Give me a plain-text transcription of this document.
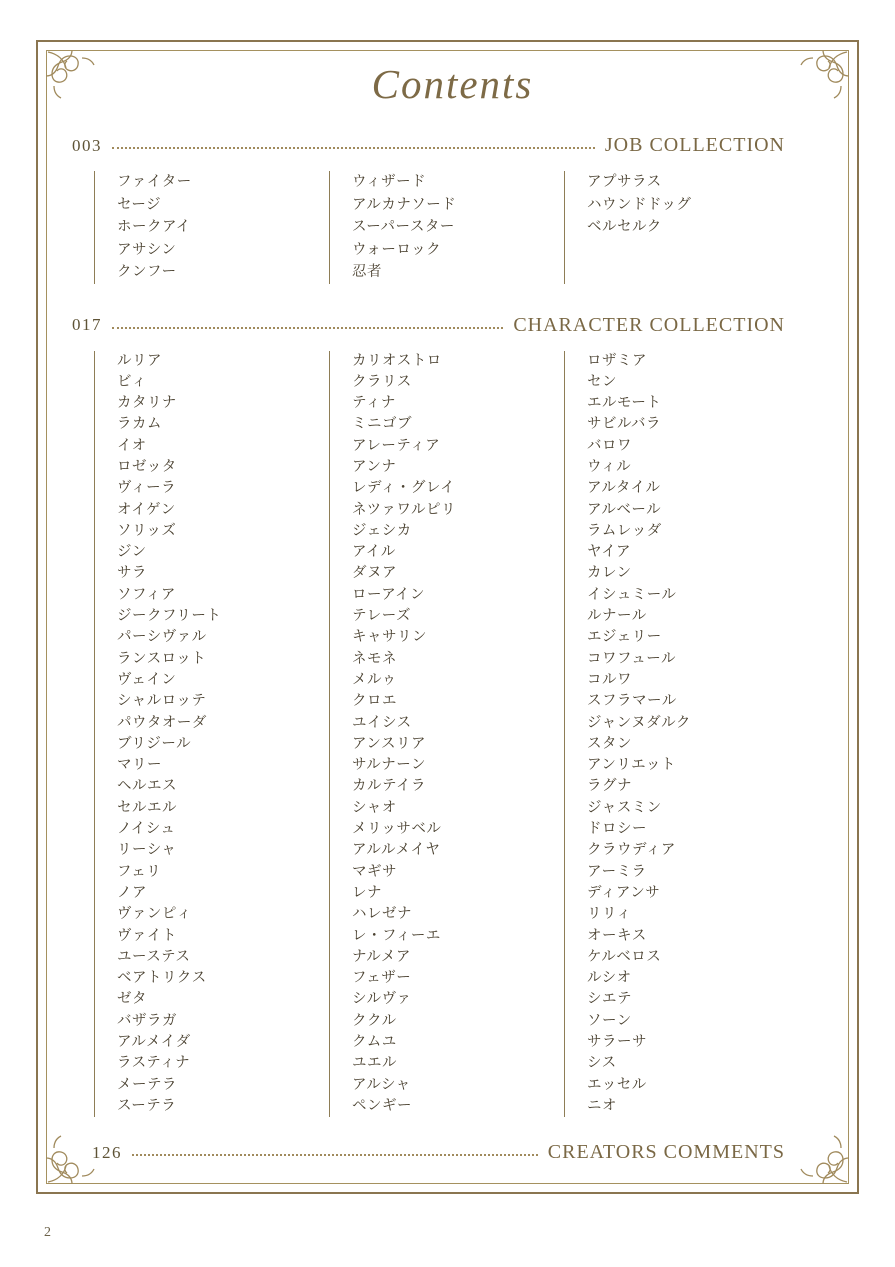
Contents
003	JOB COLLECTION
ファイター
セージ
ホークアイ
アサシン
クンフー
ウィザード
アルカナソード
スーパースター
ウォーロック
忍者
アプサラス
ハウンドドッグ
ベルセルク

017	CHARACTER COLLECTION
ルリア
ビィ
カタリナ
ラカム
イオ
ロゼッタ
ヴィーラ
オイゲン
ソリッズ
ジン
サラ
ソフィア
ジークフリート
パーシヴァル
ランスロット
ヴェイン
シャルロッテ
パウタオーダ
ブリジール
マリー
ヘルエス
セルエル
ノイシュ
リーシャ
フェリ
ノア
ヴァンピィ
ヴァイト
ユーステス
ベアトリクス
ゼタ
バザラガ
アルメイダ
ラスティナ
メーテラ
スーテラ
カリオストロ
クラリス
ティナ
ミニゴブ
アレーティア
アンナ
レディ・グレイ
ネツァワルピリ
ジェシカ
アイル
ダヌア
ローアイン
テレーズ
キャサリン
ネモネ
メルゥ
クロエ
ユイシス
アンスリア
サルナーン
カルテイラ
シャオ
メリッサベル
アルルメイヤ
マギサ
レナ
ハレゼナ
レ・フィーエ
ナルメア
フェザー
シルヴァ
ククル
クムユ
ユエル
アルシャ
ペンギー
ロザミア
セン
エルモート
サビルバラ
バロワ
ウィル
アルタイル
アルベール
ラムレッダ
ヤイア
カレン
イシュミール
ルナール
エジェリー
コワフュール
コルワ
スフラマール
ジャンヌダルク
スタン
アンリエット
ラグナ
ジャスミン
ドロシー
クラウディア
アーミラ
ディアンサ
リリィ
オーキス
ケルベロス
ルシオ
シエテ
ソーン
サラーサ
シス
エッセル
ニオ
126	CREATORS COMMENTS
2
